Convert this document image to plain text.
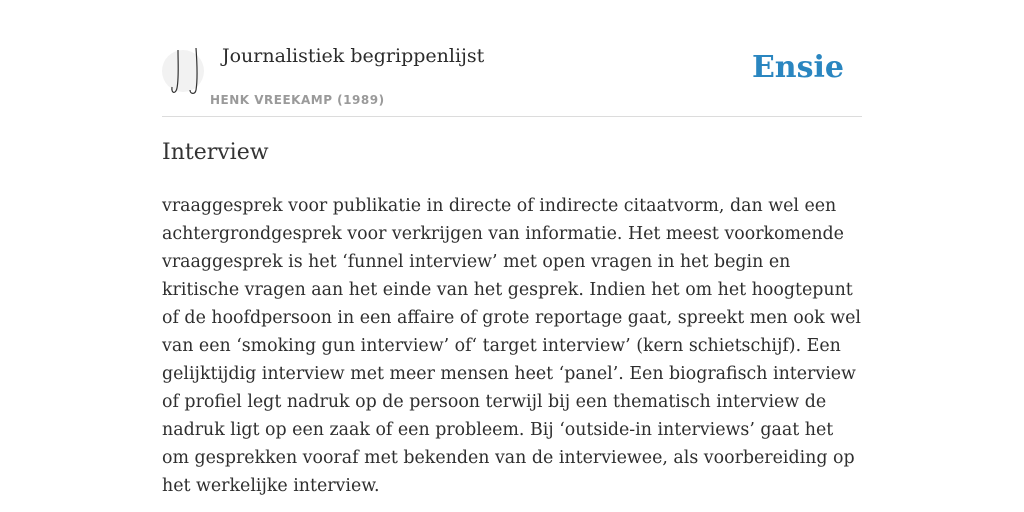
Journalistiek begrippenlijst
HENK VREEKAMP (1989)
Ensie
Interview

vraaggesprek voor publikatie in directe of indirecte citaatvorm, dan wel een achtergrondgesprek voor verkrijgen van informatie. Het meest voorkomende vraaggesprek is het ‘funnel interview’ met open vragen in het begin en kritische vragen aan het einde van het gesprek. Indien het om het hoogtepunt of de hoofdpersoon in een affaire of grote reportage gaat, spreekt men ook wel van een ‘smoking gun interview’ of‘ target interview’ (kern schietschijf). Een gelijktijdig interview met meer mensen heet ‘panel’. Een biografisch interview of profiel legt nadruk op de persoon terwijl bij een thematisch interview de nadruk ligt op een zaak of een probleem. Bij ‘outside-in interviews’ gaat het om gesprekken vooraf met bekenden van de interviewee, als voorbereiding op het werkelijke interview.
